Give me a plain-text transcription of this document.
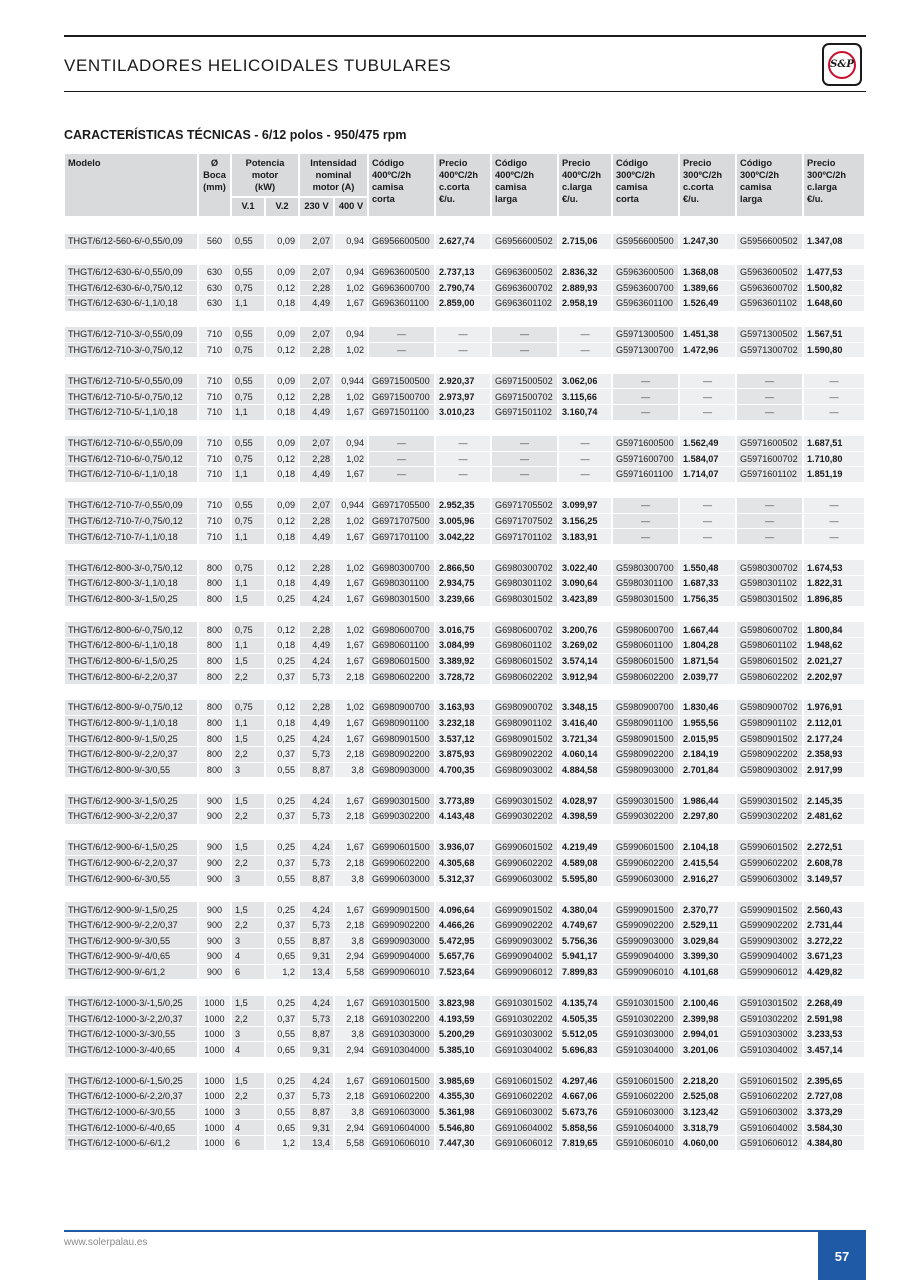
VENTILADORES HELICOIDALES TUBULARES	S&P
CARACTERÍSTICAS TÉCNICAS - 6/12 polos - 950/475 rpm
Modelo	Ø
Boca
(mm)	Potencia
motor
(kW)		Intensidad
nominal
motor (A)		Código
400ºC/2h
camisa
corta	Precio
400ºC/2h
c.corta
€/u.	Código
400ºC/2h
camisa
larga	Precio
400ºC/2h
c.larga
€/u.	Código
300ºC/2h
camisa
corta	Precio
300ºC/2h
c.corta
€/u.	Código
300ºC/2h
camisa
larga	Precio
300ºC/2h
c.larga
€/u.
		V.1	V.2	230 V	400 V								

THGT/6/12-560-6/-0,55/0,09	560	0,55	0,09	2,07	0,94	G6956600500	2.627,74	G6956600502	2.715,06	G5956600500	1.247,30	G5956600502	1.347,08

THGT/6/12-630-6/-0,55/0,09	630	0,55	0,09	2,07	0,94	G6963600500	2.737,13	G6963600502	2.836,32	G5963600500	1.368,08	G5963600502	1.477,53
THGT/6/12-630-6/-0,75/0,12	630	0,75	0,12	2,28	1,02	G6963600700	2.790,74	G6963600702	2.889,93	G5963600700	1.389,66	G5963600702	1.500,82
THGT/6/12-630-6/-1,1/0,18	630	1,1	0,18	4,49	1,67	G6963601100	2.859,00	G6963601102	2.958,19	G5963601100	1.526,49	G5963601102	1.648,60

THGT/6/12-710-3/-0,55/0,09	710	0,55	0,09	2,07	0,94	—	—	—	—	G5971300500	1.451,38	G5971300502	1.567,51
THGT/6/12-710-3/-0,75/0,12	710	0,75	0,12	2,28	1,02	—	—	—	—	G5971300700	1.472,96	G5971300702	1.590,80

THGT/6/12-710-5/-0,55/0,09	710	0,55	0,09	2,07	0,944	G6971500500	2.920,37	G6971500502	3.062,06	—	—	—	—
THGT/6/12-710-5/-0,75/0,12	710	0,75	0,12	2,28	1,02	G6971500700	2.973,97	G6971500702	3.115,66	—	—	—	—
THGT/6/12-710-5/-1,1/0,18	710	1,1	0,18	4,49	1,67	G6971501100	3.010,23	G6971501102	3.160,74	—	—	—	—

THGT/6/12-710-6/-0,55/0,09	710	0,55	0,09	2,07	0,94	—	—	—	—	G5971600500	1.562,49	G5971600502	1.687,51
THGT/6/12-710-6/-0,75/0,12	710	0,75	0,12	2,28	1,02	—	—	—	—	G5971600700	1.584,07	G5971600702	1.710,80
THGT/6/12-710-6/-1,1/0,18	710	1,1	0,18	4,49	1,67	—	—	—	—	G5971601100	1.714,07	G5971601102	1.851,19

THGT/6/12-710-7/-0,55/0,09	710	0,55	0,09	2,07	0,944	G6971705500	2.952,35	G6971705502	3.099,97	—	—	—	—
THGT/6/12-710-7/-0,75/0,12	710	0,75	0,12	2,28	1,02	G6971707500	3.005,96	G6971707502	3.156,25	—	—	—	—
THGT/6/12-710-7/-1,1/0,18	710	1,1	0,18	4,49	1,67	G6971701100	3.042,22	G6971701102	3.183,91	—	—	—	—

THGT/6/12-800-3/-0,75/0,12	800	0,75	0,12	2,28	1,02	G6980300700	2.866,50	G6980300702	3.022,40	G5980300700	1.550,48	G5980300702	1.674,53
THGT/6/12-800-3/-1,1/0,18	800	1,1	0,18	4,49	1,67	G6980301100	2.934,75	G6980301102	3.090,64	G5980301100	1.687,33	G5980301102	1.822,31
THGT/6/12-800-3/-1,5/0,25	800	1,5	0,25	4,24	1,67	G6980301500	3.239,66	G6980301502	3.423,89	G5980301500	1.756,35	G5980301502	1.896,85

THGT/6/12-800-6/-0,75/0,12	800	0,75	0,12	2,28	1,02	G6980600700	3.016,75	G6980600702	3.200,76	G5980600700	1.667,44	G5980600702	1.800,84
THGT/6/12-800-6/-1,1/0,18	800	1,1	0,18	4,49	1,67	G6980601100	3.084,99	G6980601102	3.269,02	G5980601100	1.804,28	G5980601102	1.948,62
THGT/6/12-800-6/-1,5/0,25	800	1,5	0,25	4,24	1,67	G6980601500	3.389,92	G6980601502	3.574,14	G5980601500	1.871,54	G5980601502	2.021,27
THGT/6/12-800-6/-2,2/0,37	800	2,2	0,37	5,73	2,18	G6980602200	3.728,72	G6980602202	3.912,94	G5980602200	2.039,77	G5980602202	2.202,97

THGT/6/12-800-9/-0,75/0,12	800	0,75	0,12	2,28	1,02	G6980900700	3.163,93	G6980900702	3.348,15	G5980900700	1.830,46	G5980900702	1.976,91
THGT/6/12-800-9/-1,1/0,18	800	1,1	0,18	4,49	1,67	G6980901100	3.232,18	G6980901102	3.416,40	G5980901100	1.955,56	G5980901102	2.112,01
THGT/6/12-800-9/-1,5/0,25	800	1,5	0,25	4,24	1,67	G6980901500	3.537,12	G6980901502	3.721,34	G5980901500	2.015,95	G5980901502	2.177,24
THGT/6/12-800-9/-2,2/0,37	800	2,2	0,37	5,73	2,18	G6980902200	3.875,93	G6980902202	4.060,14	G5980902200	2.184,19	G5980902202	2.358,93
THGT/6/12-800-9/-3/0,55	800	3	0,55	8,87	3,8	G6980903000	4.700,35	G6980903002	4.884,58	G5980903000	2.701,84	G5980903002	2.917,99

THGT/6/12-900-3/-1,5/0,25	900	1,5	0,25	4,24	1,67	G6990301500	3.773,89	G6990301502	4.028,97	G5990301500	1.986,44	G5990301502	2.145,35
THGT/6/12-900-3/-2,2/0,37	900	2,2	0,37	5,73	2,18	G6990302200	4.143,48	G6990302202	4.398,59	G5990302200	2.297,80	G5990302202	2.481,62

THGT/6/12-900-6/-1,5/0,25	900	1,5	0,25	4,24	1,67	G6990601500	3.936,07	G6990601502	4.219,49	G5990601500	2.104,18	G5990601502	2.272,51
THGT/6/12-900-6/-2,2/0,37	900	2,2	0,37	5,73	2,18	G6990602200	4.305,68	G6990602202	4.589,08	G5990602200	2.415,54	G5990602202	2.608,78
THGT/6/12-900-6/-3/0,55	900	3	0,55	8,87	3,8	G6990603000	5.312,37	G6990603002	5.595,80	G5990603000	2.916,27	G5990603002	3.149,57

THGT/6/12-900-9/-1,5/0,25	900	1,5	0,25	4,24	1,67	G6990901500	4.096,64	G6990901502	4.380,04	G5990901500	2.370,77	G5990901502	2.560,43
THGT/6/12-900-9/-2,2/0,37	900	2,2	0,37	5,73	2,18	G6990902200	4.466,26	G6990902202	4.749,67	G5990902200	2.529,11	G5990902202	2.731,44
THGT/6/12-900-9/-3/0,55	900	3	0,55	8,87	3,8	G6990903000	5.472,95	G6990903002	5.756,36	G5990903000	3.029,84	G5990903002	3.272,22
THGT/6/12-900-9/-4/0,65	900	4	0,65	9,31	2,94	G6990904000	5.657,76	G6990904002	5.941,17	G5990904000	3.399,30	G5990904002	3.671,23
THGT/6/12-900-9/-6/1,2	900	6	1,2	13,4	5,58	G6990906010	7.523,64	G6990906012	7.899,83	G5990906010	4.101,68	G5990906012	4.429,82

THGT/6/12-1000-3/-1,5/0,25	1000	1,5	0,25	4,24	1,67	G6910301500	3.823,98	G6910301502	4.135,74	G5910301500	2.100,46	G5910301502	2.268,49
THGT/6/12-1000-3/-2,2/0,37	1000	2,2	0,37	5,73	2,18	G6910302200	4.193,59	G6910302202	4.505,35	G5910302200	2.399,98	G5910302202	2.591,98
THGT/6/12-1000-3/-3/0,55	1000	3	0,55	8,87	3,8	G6910303000	5.200,29	G6910303002	5.512,05	G5910303000	2.994,01	G5910303002	3.233,53
THGT/6/12-1000-3/-4/0,65	1000	4	0,65	9,31	2,94	G6910304000	5.385,10	G6910304002	5.696,83	G5910304000	3.201,06	G5910304002	3.457,14

THGT/6/12-1000-6/-1,5/0,25	1000	1,5	0,25	4,24	1,67	G6910601500	3.985,69	G6910601502	4.297,46	G5910601500	2.218,20	G5910601502	2.395,65
THGT/6/12-1000-6/-2,2/0,37	1000	2,2	0,37	5,73	2,18	G6910602200	4.355,30	G6910602202	4.667,06	G5910602200	2.525,08	G5910602202	2.727,08
THGT/6/12-1000-6/-3/0,55	1000	3	0,55	8,87	3,8	G6910603000	5.361,98	G6910603002	5.673,76	G5910603000	3.123,42	G5910603002	3.373,29
THGT/6/12-1000-6/-4/0,65	1000	4	0,65	9,31	2,94	G6910604000	5.546,80	G6910604002	5.858,56	G5910604000	3.318,79	G5910604002	3.584,30
THGT/6/12-1000-6/-6/1,2	1000	6	1,2	13,4	5,58	G6910606010	7.447,30	G6910606012	7.819,65	G5910606010	4.060,00	G5910606012	4.384,80
www.solerpalau.es
57
